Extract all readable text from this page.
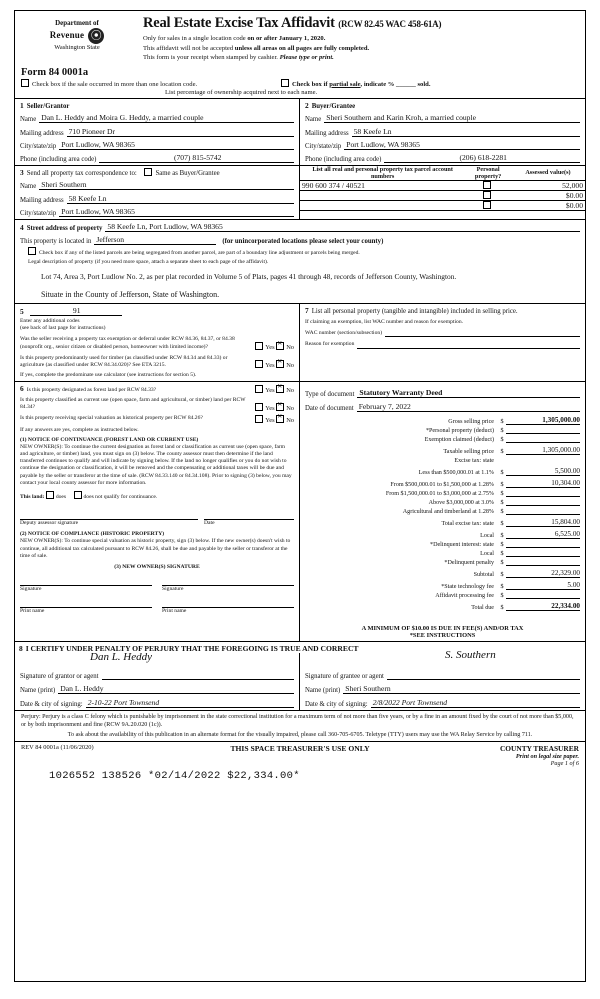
Department of
Revenue ⦿
Washington State
Real Estate Excise Tax Affidavit (RCW 82.45 WAC 458-61A)
Only for sales in a single location code on or after January 1, 2020.
This affidavit will not be accepted unless all areas on all pages are fully completed.
This form is your receipt when stamped by cashier. Please type or print.
Form 84 0001a
Check box if the sale occurred in more than one location code.	Check box if partial sale, indicate % ______ sold.
List percentage of ownership acquired next to each name.
1 Seller/Grantor
Name Dan L. Heddy and Moira G. Heddy, a married couple
Mailing address 710 Pioneer Dr
City/state/zip Port Ludlow, WA 98365
Phone (including area code)	(707) 815-5742
2 Buyer/Grantee
Name Sheri Southern and Karin Kroh, a married couple
Mailing address 58 Keefe Ln
City/state/zip Port Ludlow, WA 98365
Phone (including area code)	(206) 618-2281
3 Send all property tax correspondence to:	Same as Buyer/Grantee
Name Sheri Southern
Mailing address 58 Keefe Ln
City/state/zip Port Ludlow, WA 98365
List all real and personal property tax parcel account numbers	Personal property?	Assessed value(s)
990 600 374 / 40521		52,000
		$0.00
		$0.00
4 Street address of property 58 Keefe Ln, Port Ludlow, WA 98365
This property is located in Jefferson	(for unincorporated locations please select your county)
Check box if any of the listed parcels are being segregated from another parcel, are part of a boundary line adjustment or parcels being merged.
Legal description of property (if you need more space, attach a separate sheet to each page of the affidavit).
Lot 74, Area 3, Port Ludlow No. 2, as per plat recorded in Volume 5 of Plats, pages 41 through 48, records of Jefferson County, Washington.
Situate in the County of Jefferson, State of Washington.
5	91
Enter any additional codes
(see back of last page for instructions)
Was the seller receiving a property tax exemption or deferral under RCW 84.36, 84.37, or 84.38 (nonprofit org., senior citizen or disabled person, homeowner with limited income)?	Yes ✕ No
Is this property predominantly used for timber (as classified under RCW 84.34 and 84.33) or agriculture (as classified under RCW 84.34.020)? See ETA 3215.	Yes ✕ No
If yes, complete the predominate use calculator (see instructions for section 5).
7 List all personal property (tangible and intangible) included in selling price.
If claiming an exemption, list WAC number and reason for exemption.
WAC number (section/subsection)
Reason for exemption
6 Is this property designated as forest land per RCW 84.33?	Yes ✕ No
Is this property classified as current use (open space, farm and agricultural, or timber) land per RCW 84.34?	Yes ✕ No
Is this property receiving special valuation as historical property per RCW 84.26?	Yes ✕ No
If any answers are yes, complete as instructed below.
(1) NOTICE OF CONTINUANCE (FOREST LAND OR CURRENT USE)
NEW OWNER(S): To continue the current designation as forest land or classification as current use (open space, farm and agriculture, or timber) land, you must sign on (3) below. The county assessor must then determine if the land transferred continues to qualify and will indicate by signing below. If the land no longer qualifies or you do not wish to continue the designation or classification, it will be removed and the compensating or additional taxes will be due and payable by the seller or transferor at the time of sale. (RCW 84.33.140 or 84.34.108). Prior to signing (3) below, you may contact your local county assessor for more information.
This land: does	does not qualify for continuance.
Deputy assessor signature	Date
(2) NOTICE OF COMPLIANCE (HISTORIC PROPERTY)
NEW OWNER(S): To continue special valuation as historic property, sign (3) below. If the new owner(s) doesn't wish to continue, all additional tax calculated pursuant to RCW 84.26, shall be due and payable by the seller or transferor at the time of sale.
(3) NEW OWNER(S) SIGNATURE
Signature	Signature
Print name	Print name
Type of document Statutory Warranty Deed
Date of document February 7, 2022
Gross selling price	$	1,305,000.00
*Personal property (deduct)	$
Exemption claimed (deduct)	$
Taxable selling price	$	1,305,000.00
Excise tax: state
Less than $500,000.01 at 1.1%	$	5,500.00
From $500,000.01 to $1,500,000 at 1.28%	$	10,304.00
From $1,500,000.01 to $3,000,000 at 2.75%	$
Above $3,000,000 at 3.0%	$
Agricultural and timberland at 1.28%	$
Total excise tax: state	$	15,804.00
Local	$	6,525.00
*Delinquent interest: state	$
Local	$
*Delinquent penalty	$
Subtotal	$	22,329.00
*State technology fee	$	5.00
Affidavit processing fee	$
Total due	$	22,334.00
A MINIMUM OF $10.00 IS DUE IN FEE(S) AND/OR TAX
*SEE INSTRUCTIONS
8 I CERTIFY UNDER PENALTY OF PERJURY THAT THE FOREGOING IS TRUE AND CORRECT
Dan L. Heddy
Signature of grantor or agent
Name (print) Dan L. Heddy
Date & city of signing: 2-10-22 Port Townsend
S. Southern
Signature of grantee or agent
Name (print) Sheri Southern
Date & city of signing: 2/8/2022 Port Townsend
Perjury: Perjury is a class C felony which is punishable by imprisonment in the state correctional institution for a maximum term of not more than five years, or by a fine in an amount fixed by the court of not more than $5,000, or by both imprisonment and fine (RCW 9A.20.020 (1c)).
To ask about the availability of this publication in an alternate format for the visually impaired, please call 360-705-6705. Teletype (TTY) users may use the WA Relay Service by calling 711.
REV 84 0001a (11/06/2020)	THIS SPACE TREASURER'S USE ONLY	COUNTY TREASURER
Print on legal size paper.
Page 1 of 6
1026552 138526 *02/14/2022 $22,334.00*
